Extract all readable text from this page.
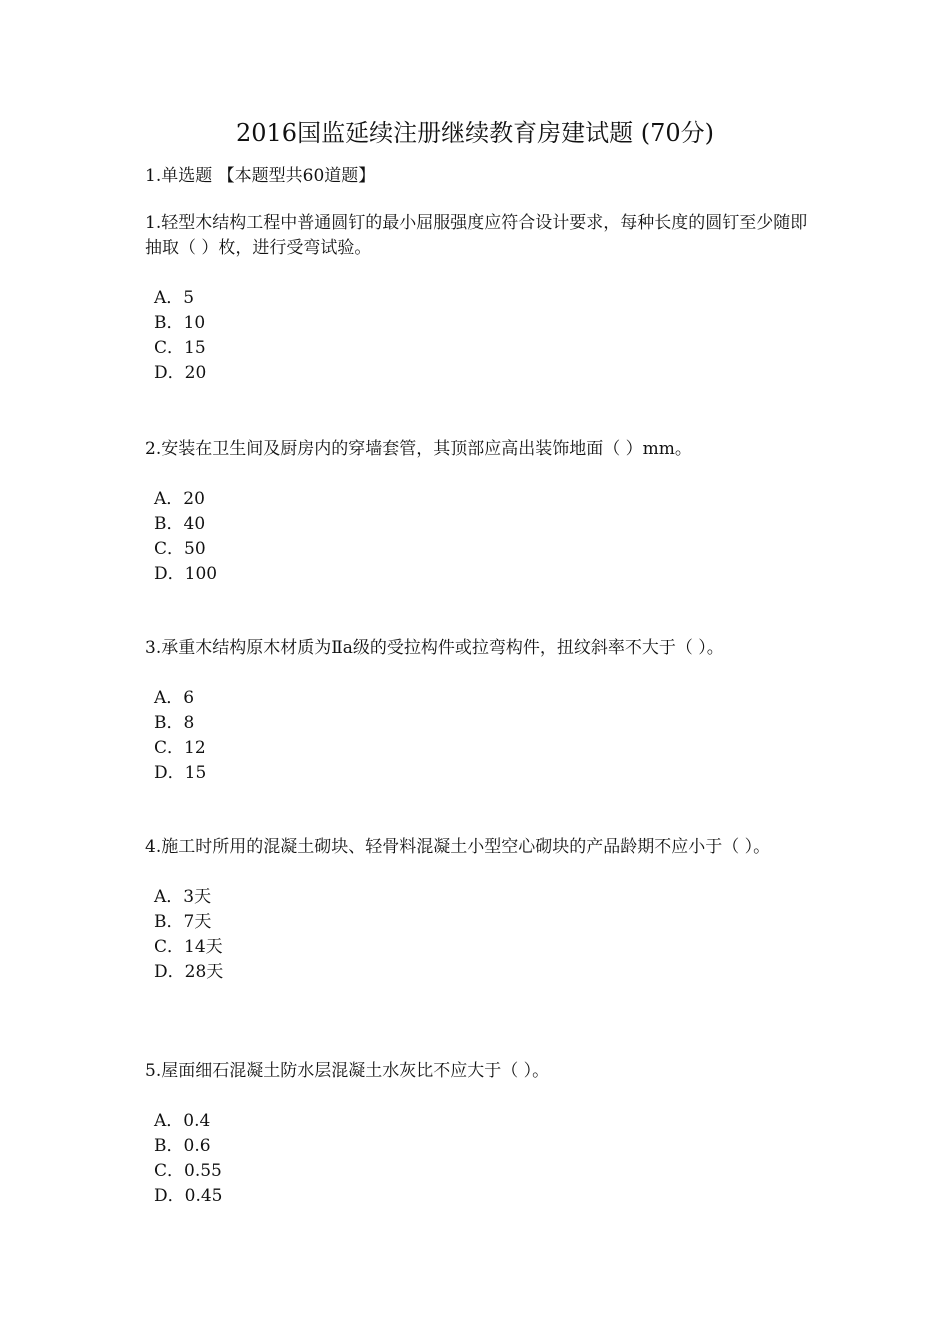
2016国监延续注册继续教育房建试题 (70分)
1.单选题 【本题型共60道题】

1.轻型木结构工程中普通圆钉的最小屈服强度应符合设计要求，每种长度的圆钉至少随即抽取（ ）枚，进行受弯试验。

A．5
B．10
C．15
D．20

2.安装在卫生间及厨房内的穿墙套管，其顶部应高出装饰地面（ ）mm。

A．20
B．40
C．50
D．100

3.承重木结构原木材质为Ⅱa级的受拉构件或拉弯构件，扭纹斜率不大于（ ）。

A．6
B．8
C．12
D．15

4.施工时所用的混凝土砌块、轻骨料混凝土小型空心砌块的产品龄期不应小于（ ）。

A．3天
B．7天
C．14天
D．28天

5.屋面细石混凝土防水层混凝土水灰比不应大于（ ）。

A．0.4
B．0.6
C．0.55
D．0.45
